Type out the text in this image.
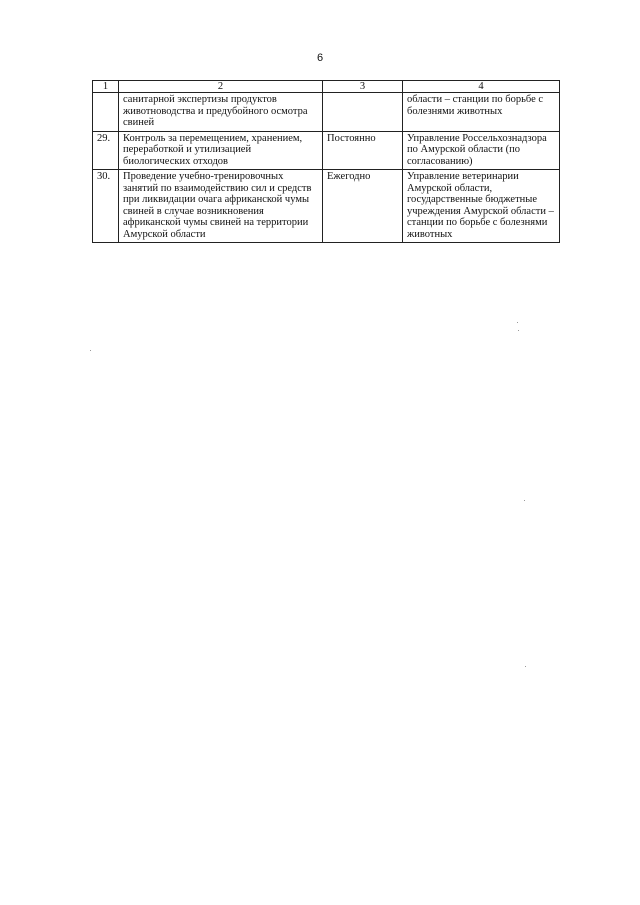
6
1	2	3	4
	санитарной экспертизы продуктов животноводства и предубойного осмотра свиней		области – станции по борьбе с болезнями животных
29.	Контроль за перемещением, хранением, переработкой и утилизацией биологических отходов	Постоянно	Управление Россельхознадзора по Амурской области (по согласованию)
30.	Проведение учебно-тренировочных занятий по взаимодействию сил и средств при ликвидации очага африканской чумы свиней в случае возникновения африканской чумы свиней на территории Амурской области	Ежегодно	Управление ветеринарии Амурской области, государственные бюджетные учреждения Амурской области – станции по борьбе с болезнями животных
